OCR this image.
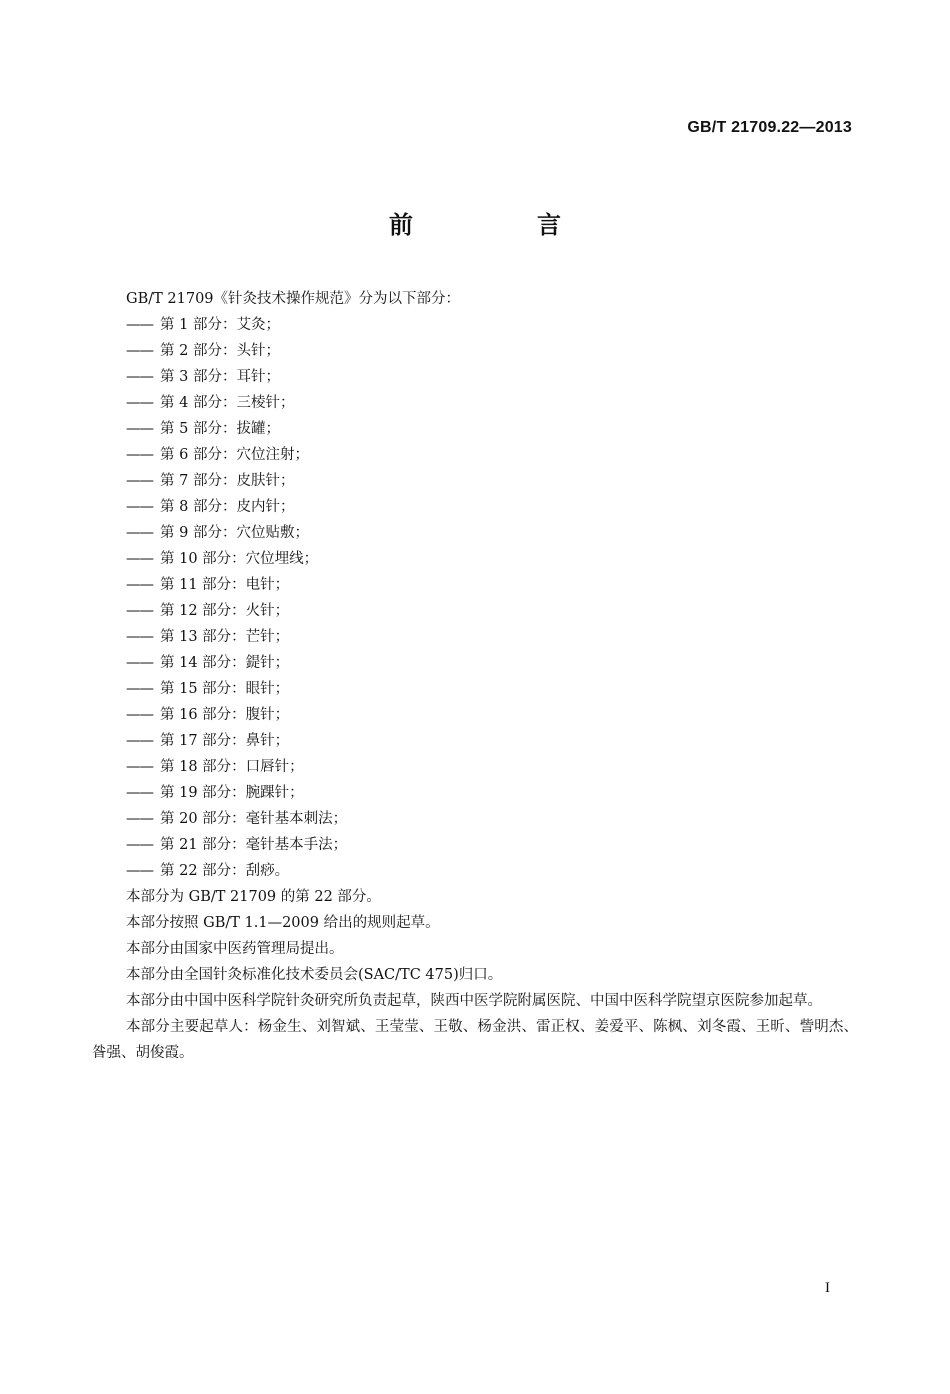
GB/T 21709.22—2013
前　言
GB/T 21709《针灸技术操作规范》分为以下部分：
—— 第 1 部分：艾灸；
—— 第 2 部分：头针；
—— 第 3 部分：耳针；
—— 第 4 部分：三棱针；
—— 第 5 部分：拔罐；
—— 第 6 部分：穴位注射；
—— 第 7 部分：皮肤针；
—— 第 8 部分：皮内针；
—— 第 9 部分：穴位贴敷；
—— 第 10 部分：穴位埋线；
—— 第 11 部分：电针；
—— 第 12 部分：火针；
—— 第 13 部分：芒针；
—— 第 14 部分：鍉针；
—— 第 15 部分：眼针；
—— 第 16 部分：腹针；
—— 第 17 部分：鼻针；
—— 第 18 部分：口唇针；
—— 第 19 部分：腕踝针；
—— 第 20 部分：毫针基本刺法；
—— 第 21 部分：毫针基本手法；
—— 第 22 部分：刮痧。
本部分为 GB/T 21709 的第 22 部分。
本部分按照 GB/T 1.1—2009 给出的规则起草。
本部分由国家中医药管理局提出。
本部分由全国针灸标准化技术委员会(SAC/TC 475)归口。
本部分由中国中医科学院针灸研究所负责起草，陕西中医学院附属医院、中国中医科学院望京医院参加起草。
本部分主要起草人：杨金生、刘智斌、王莹莹、王敬、杨金洪、雷正权、姜爱平、陈枫、刘冬霞、王昕、訾明杰、昝强、胡俊霞。
I
